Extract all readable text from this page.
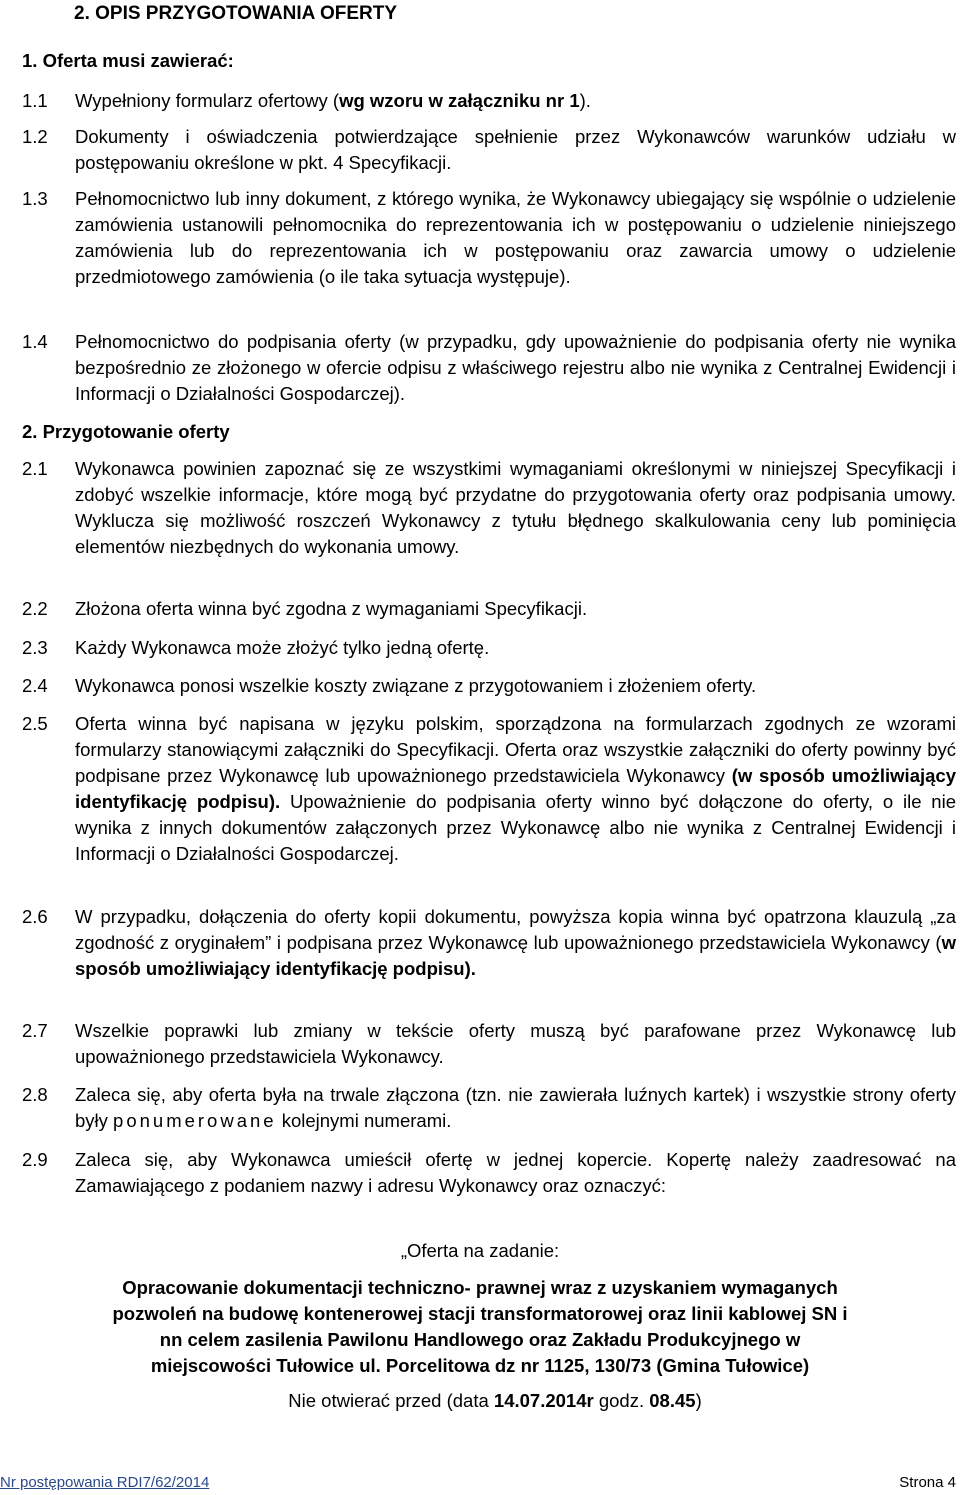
2. OPIS PRZYGOTOWANIA OFERTY
1. Oferta musi zawierać:
1.1	Wypełniony formularz ofertowy (wg wzoru w załączniku nr 1).
1.2	Dokumenty i oświadczenia potwierdzające spełnienie przez Wykonawców warunków udziału w postępowaniu określone w pkt. 4 Specyfikacji.
1.3	Pełnomocnictwo lub inny dokument, z którego wynika, że Wykonawcy ubiegający się wspólnie o udzielenie zamówienia ustanowili pełnomocnika do reprezentowania ich w postępowaniu o udzielenie niniejszego zamówienia lub do reprezentowania ich w postępowaniu oraz zawarcia umowy o udzielenie przedmiotowego zamówienia (o ile taka sytuacja występuje).
1.4	Pełnomocnictwo do podpisania oferty (w przypadku, gdy upoważnienie do podpisania oferty nie wynika bezpośrednio ze złożonego w ofercie odpisu z właściwego rejestru albo nie wynika z Centralnej Ewidencji i Informacji o Działalności Gospodarczej).
2. Przygotowanie oferty
2.1	Wykonawca powinien zapoznać się ze wszystkimi wymaganiami określonymi w niniejszej Specyfikacji i zdobyć wszelkie informacje, które mogą być przydatne do przygotowania oferty oraz podpisania umowy. Wyklucza się możliwość roszczeń Wykonawcy z tytułu błędnego skalkulowania ceny lub pominięcia elementów niezbędnych do wykonania umowy.
2.2	Złożona oferta winna być zgodna z wymaganiami Specyfikacji.
2.3	Każdy Wykonawca może złożyć tylko jedną ofertę.
2.4	Wykonawca ponosi wszelkie koszty związane z przygotowaniem i złożeniem oferty.
2.5	Oferta winna być napisana w języku polskim, sporządzona na formularzach zgodnych ze wzorami formularzy stanowiącymi załączniki do Specyfikacji. Oferta oraz wszystkie załączniki do oferty powinny być podpisane przez Wykonawcę lub upoważnionego przedstawiciela Wykonawcy (w sposób umożliwiający identyfikację podpisu). Upoważnienie do podpisania oferty winno być dołączone do oferty, o ile nie wynika z innych dokumentów załączonych przez Wykonawcę albo nie wynika z Centralnej Ewidencji i Informacji o Działalności Gospodarczej.
2.6	W przypadku, dołączenia do oferty kopii dokumentu, powyższa kopia winna być opatrzona klauzulą „za zgodność z oryginałem” i podpisana przez Wykonawcę lub upoważnionego przedstawiciela Wykonawcy (w sposób umożliwiający identyfikację podpisu).
2.7	Wszelkie poprawki lub zmiany w tekście oferty muszą być parafowane przez Wykonawcę lub upoważnionego przedstawiciela Wykonawcy.
2.8	Zaleca się, aby oferta była na trwale złączona (tzn. nie zawierała luźnych kartek) i wszystkie strony oferty były ponumerowane kolejnymi numerami.
2.9	Zaleca się, aby Wykonawca umieścił ofertę w jednej kopercie. Kopertę należy zaadresować na Zamawiającego z podaniem nazwy i adresu Wykonawcy oraz oznaczyć:
„Oferta na zadanie:
Opracowanie dokumentacji techniczno- prawnej wraz z uzyskaniem wymaganych
pozwoleń na budowę kontenerowej stacji transformatorowej oraz linii kablowej SN i
nn celem zasilenia Pawilonu Handlowego oraz Zakładu Produkcyjnego w
miejscowości Tułowice ul. Porcelitowa dz nr 1125, 130/73 (Gmina Tułowice)
Nie otwierać przed (data 14.07.2014r godz. 08.45)
Nr postępowania RDI7/62/2014	Strona 4
